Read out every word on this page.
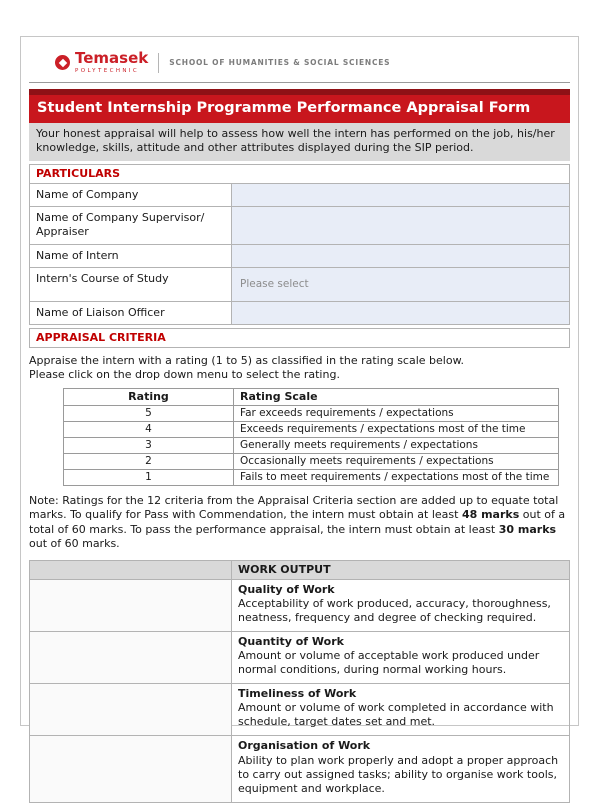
Temasek
POLYTECHNIC
SCHOOL OF HUMANITIES & SOCIAL SCIENCES
Student Internship Programme Performance Appraisal Form
Your honest appraisal will help to assess how well the intern has performed on the job, his/her knowledge, skills, attitude and other attributes displayed during the SIP period.
PARTICULARS
Name of Company
Name of Company Supervisor/ Appraiser
Name of Intern
Intern's Course of Study	Please select
Name of Liaison Officer
APPRAISAL CRITERIA
Appraise the intern with a rating (1 to 5) as classified in the rating scale below.
Please click on the drop down menu to select the rating.
Rating	Rating Scale
5	Far exceeds requirements / expectations
4	Exceeds requirements / expectations most of the time
3	Generally meets requirements / expectations
2	Occasionally meets requirements / expectations
1	Fails to meet requirements / expectations most of the time
Note: Ratings for the 12 criteria from the Appraisal Criteria section are added up to equate total marks. To qualify for Pass with Commendation, the intern must obtain at least 48 marks out of a total of 60 marks. To pass the performance appraisal, the intern must obtain at least 30 marks out of 60 marks.
WORK OUTPUT
Quality of Work
Acceptability of work produced, accuracy, thoroughness, neatness, frequency and degree of checking required.
Quantity of Work
Amount or volume of acceptable work produced under normal conditions, during normal working hours.
Timeliness of Work
Amount or volume of work completed in accordance with schedule, target dates set and met.
Organisation of Work
Ability to plan work properly and adopt a proper approach to carry out assigned tasks; ability to organise work tools, equipment and workplace.
